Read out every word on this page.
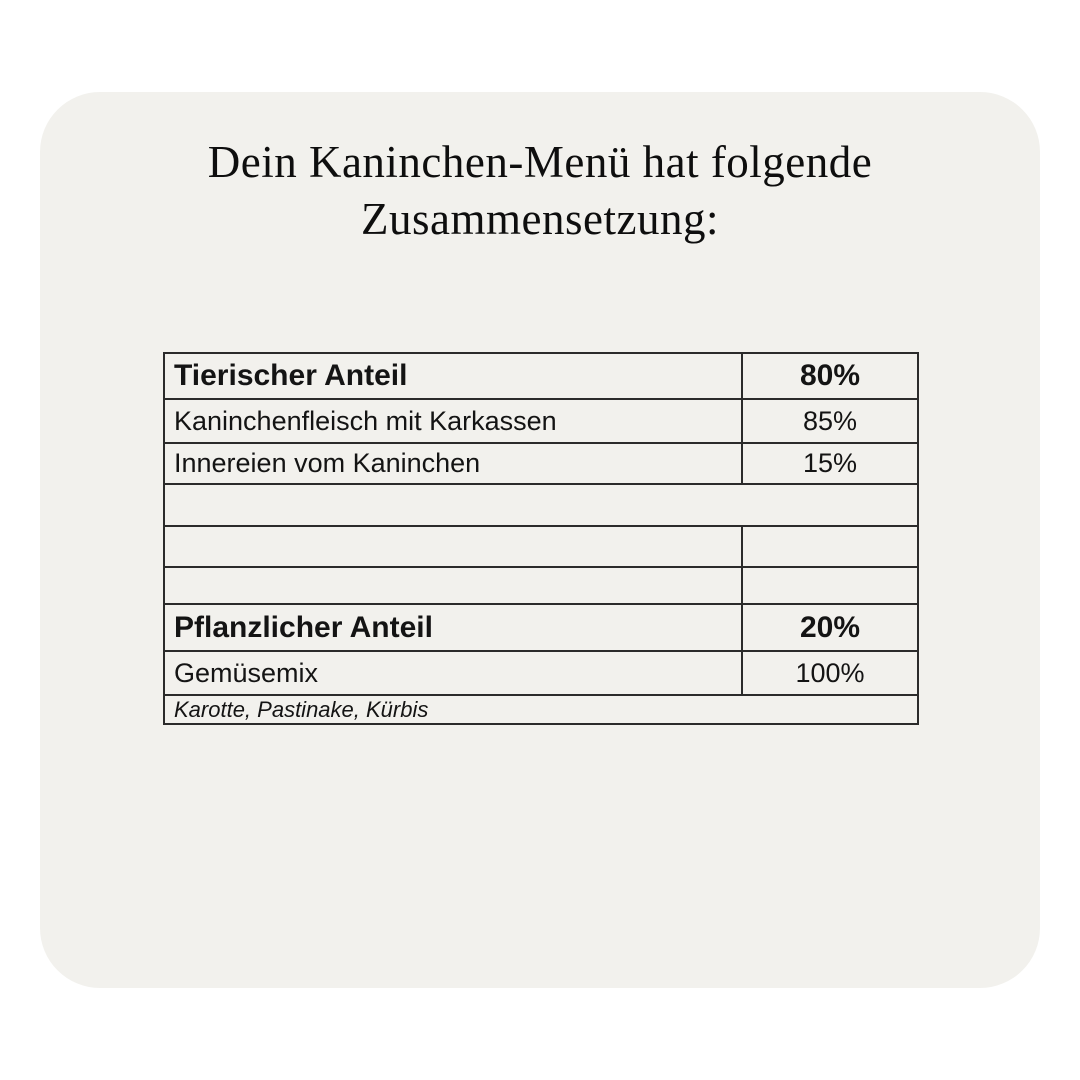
Dein Kaninchen-Menü hat folgende
Zusammensetzung:
Tierischer Anteil	80%
Kaninchenfleisch mit Karkassen	85%
Innereien vom Kaninchen	15%

Pflanzlicher Anteil	20%
Gemüsemix	100%
Karotte, Pastinake, Kürbis	
